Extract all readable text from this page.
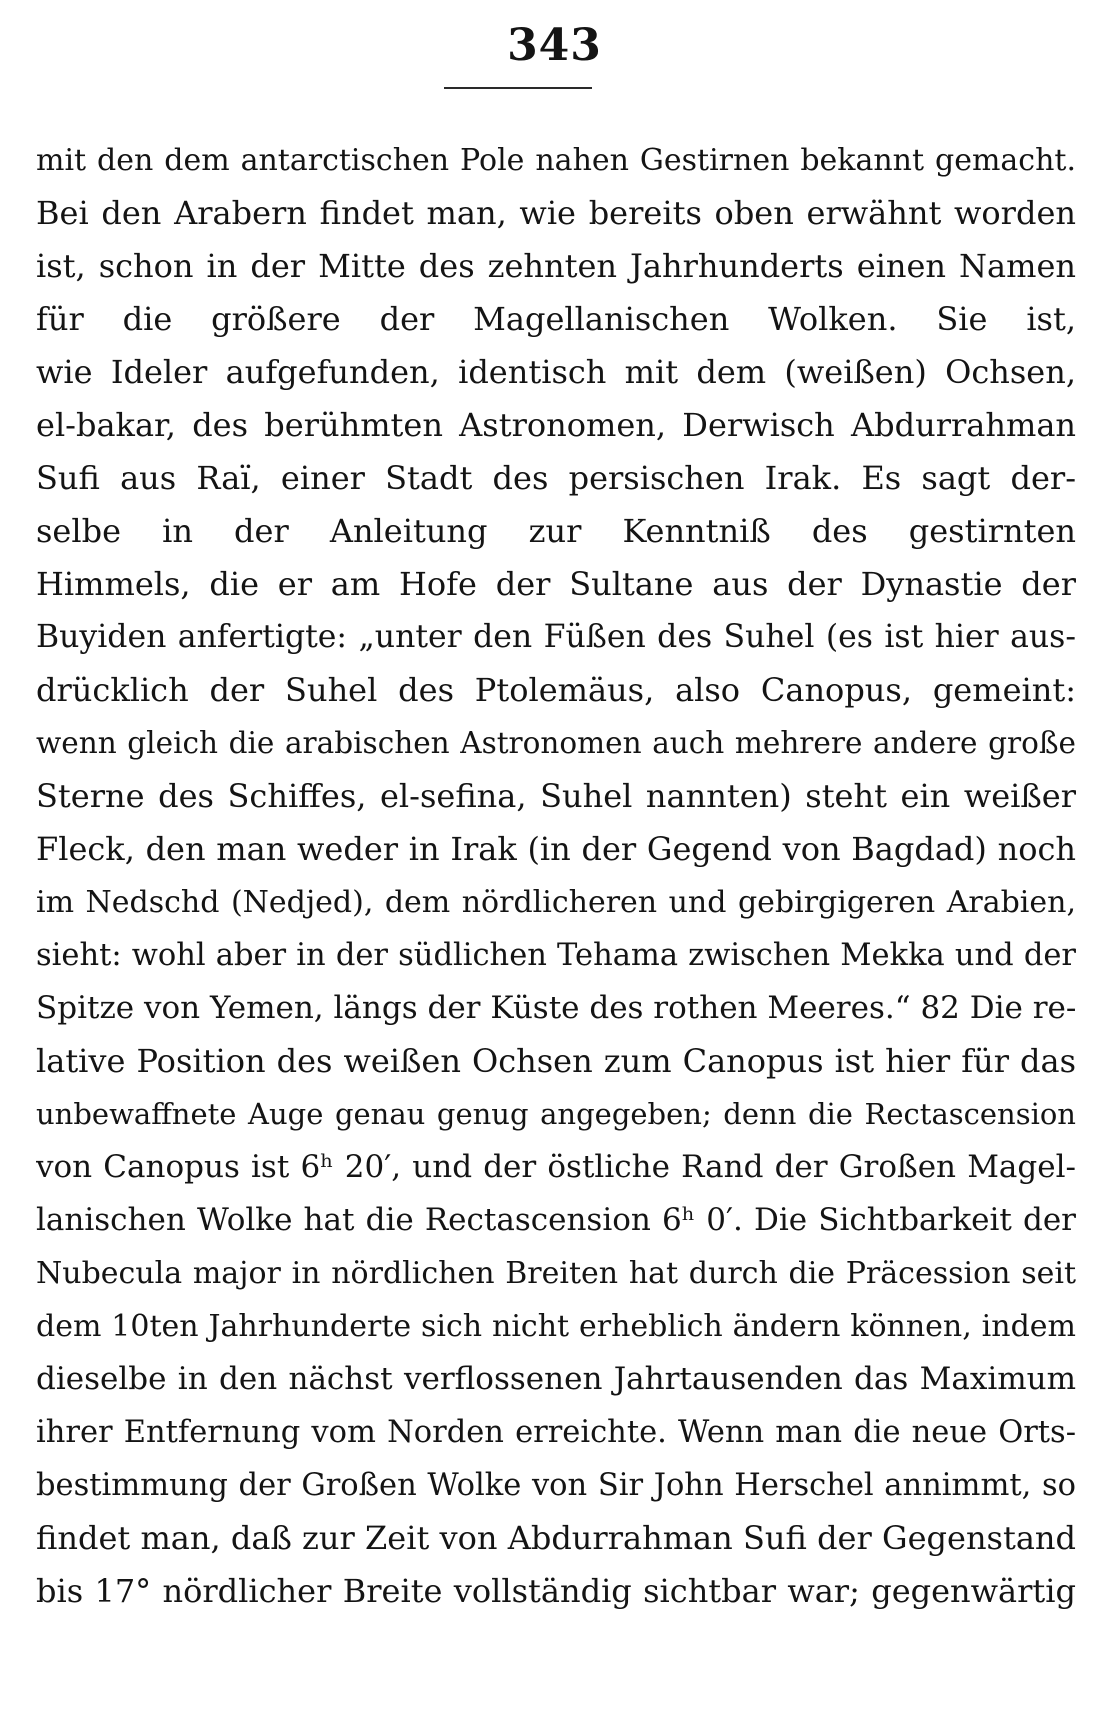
343
mit den dem antarctischen Pole nahen Gestirnen bekannt gemacht.
Bei den Arabern findet man, wie bereits oben erwähnt worden
ist, schon in der Mitte des zehnten Jahrhunderts einen Namen
für die größere der Magellanischen Wolken. Sie ist,
wie Ideler aufgefunden, identisch mit dem (weißen) Ochsen,
el-bakar, des berühmten Astronomen, Derwisch Abdurrahman
Sufi aus Raï, einer Stadt des persischen Irak. Es sagt der-
selbe in der Anleitung zur Kenntniß des gestirnten
Himmels, die er am Hofe der Sultane aus der Dynastie der
Buyiden anfertigte: „unter den Füßen des Suhel (es ist hier aus-
drücklich der Suhel des Ptolemäus, also Canopus, gemeint:
wenn gleich die arabischen Astronomen auch mehrere andere große
Sterne des Schiffes, el-sefina, Suhel nannten) steht ein weißer
Fleck, den man weder in Irak (in der Gegend von Bagdad) noch
im Nedschd (Nedjed), dem nördlicheren und gebirgigeren Arabien,
sieht: wohl aber in der südlichen Tehama zwischen Mekka und der
Spitze von Yemen, längs der Küste des rothen Meeres.“ 82 Die re-
lative Position des weißen Ochsen zum Canopus ist hier für das
unbewaffnete Auge genau genug angegeben; denn die Rectascension
von Canopus ist 6ʰ 20′, und der östliche Rand der Großen Magel-
lanischen Wolke hat die Rectascension 6ʰ 0′. Die Sichtbarkeit der
Nubecula major in nördlichen Breiten hat durch die Präcession seit
dem 10ten Jahrhunderte sich nicht erheblich ändern können, indem
dieselbe in den nächst verflossenen Jahrtausenden das Maximum
ihrer Entfernung vom Norden erreichte. Wenn man die neue Orts-
bestimmung der Großen Wolke von Sir John Herschel annimmt, so
findet man, daß zur Zeit von Abdurrahman Sufi der Gegenstand
bis 17° nördlicher Breite vollständig sichtbar war; gegenwärtig
